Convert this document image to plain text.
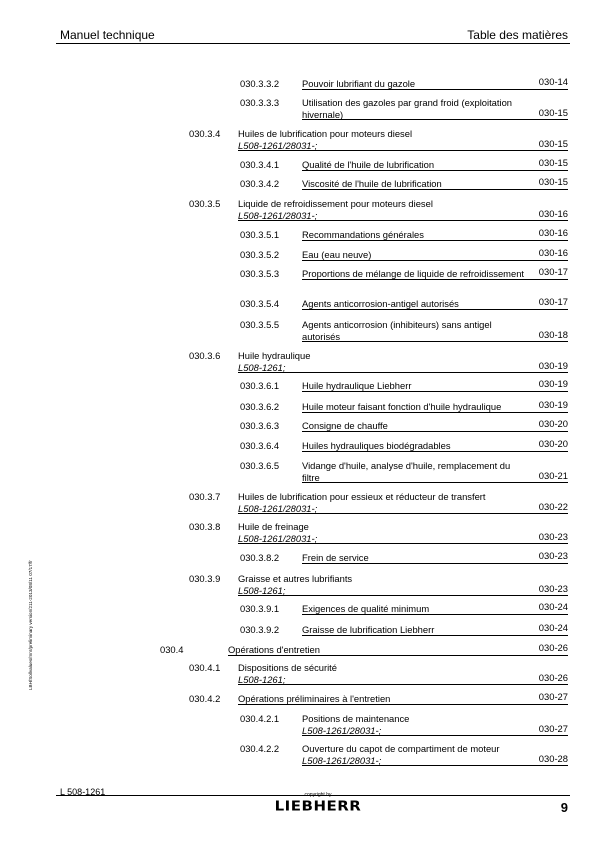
Manuel technique	Table des matières
030.3.3.2 Pouvoir lubrifiant du gazole	030-14
030.3.3.3 Utilisation des gazoles par grand froid (exploitation hivernale)	030-15
030.3.4 Huiles de lubrification pour moteurs diesel
L508-1261/28031-;	030-15
030.3.4.1 Qualité de l'huile de lubrification	030-15
030.3.4.2 Viscosité de l'huile de lubrification	030-15
030.3.5 Liquide de refroidissement pour moteurs diesel
L508-1261/28031-;	030-16
030.3.5.1 Recommandations générales	030-16
030.3.5.2 Eau (eau neuve)	030-16
030.3.5.3 Proportions de mélange de liquide de refroidissement	030-17
030.3.5.4 Agents anticorrosion-antigel autorisés	030-17
030.3.5.5 Agents anticorrosion (inhibiteurs) sans antigel autorisés	030-18
030.3.6 Huile hydraulique
L508-1261;	030-19
030.3.6.1 Huile hydraulique Liebherr	030-19
030.3.6.2 Huile moteur faisant fonction d'huile hydraulique	030-19
030.3.6.3 Consigne de chauffe	030-20
030.3.6.4 Huiles hydrauliques biodégradables	030-20
030.3.6.5 Vidange d'huile, analyse d'huile, remplacement du filtre	030-21
030.3.7 Huiles de lubrification pour essieux et réducteur de transfert
L508-1261/28031-;	030-22
030.3.8 Huile de freinage
L508-1261/28031-;	030-23
030.3.8.2 Frein de service	030-23
030.3.9 Graisse et autres lubrifiants
L508-1261;	030-23
030.3.9.1 Exigences de qualité minimum	030-24
030.3.9.2 Graisse de lubrification Liebherr	030-24
030.4	Opérations d'entretien	030-26
030.4.1 Dispositions de sécurité
L508-1261;	030-26
030.4.2 Opérations préliminaires à l'entretien	030-27
030.4.2.1 Positions de maintenance
L508-1261/28031-;	030-27
030.4.2.2 Ouverture du capot de compartiment de moteur
L508-1261/28031-;	030-28
LBH/Sollvalues/mnr/preliminary version/211-2013/08/11 07/17/fr
L 508-1261	copyright by
LIEBHERR	9
